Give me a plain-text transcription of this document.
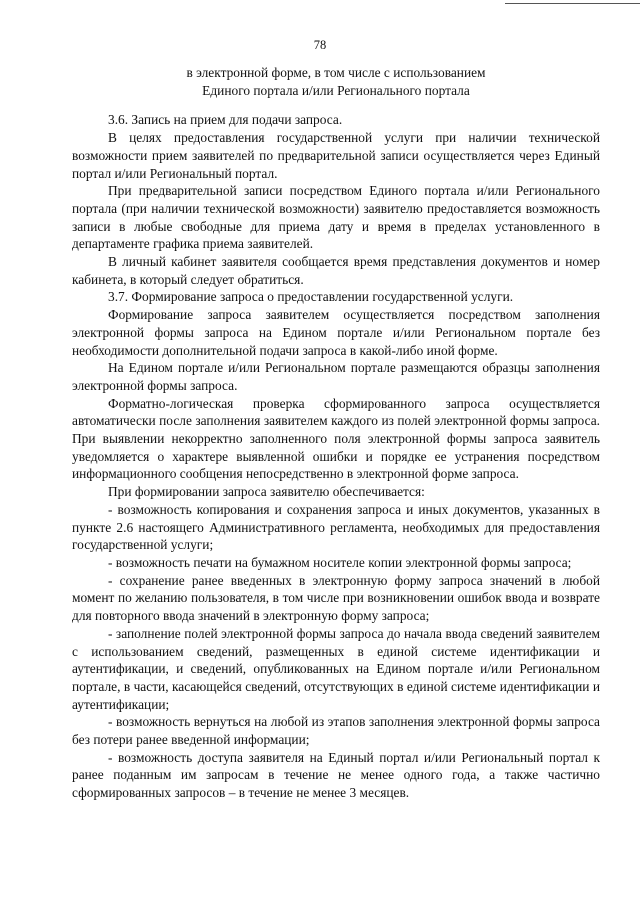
78
в электронной форме, в том числе с использованием
Единого портала и/или Регионального портала

3.6. Запись на прием для подачи запроса.

В целях предоставления государственной услуги при наличии технической возможности прием заявителей по предварительной записи осуществляется через Единый портал и/или Региональный портал.

При предварительной записи посредством Единого портала и/или Регионального портала (при наличии технической возможности) заявителю предоставляется возможность записи в любые свободные для приема дату и время в пределах установленного в департаменте графика приема заявителей.

В личный кабинет заявителя сообщается время представления документов и номер кабинета, в который следует обратиться.

3.7. Формирование запроса о предоставлении государственной услуги.

Формирование запроса заявителем осуществляется посредством заполнения электронной формы запроса на Едином портале и/или Региональном портале без необходимости дополнительной подачи запроса в какой-либо иной форме.

На Едином портале и/или Региональном портале размещаются образцы заполнения электронной формы запроса.

Форматно-логическая проверка сформированного запроса осуществляется автоматически после заполнения заявителем каждого из полей электронной формы запроса. При выявлении некорректно заполненного поля электронной формы запроса заявитель уведомляется о характере выявленной ошибки и порядке ее устранения посредством информационного сообщения непосредственно в электронной форме запроса.

При формировании запроса заявителю обеспечивается:

- возможность копирования и сохранения запроса и иных документов, указанных в пункте 2.6 настоящего Административного регламента, необходимых для предоставления государственной услуги;

- возможность печати на бумажном носителе копии электронной формы запроса;

- сохранение ранее введенных в электронную форму запроса значений в любой момент по желанию пользователя, в том числе при возникновении ошибок ввода и возврате для повторного ввода значений в электронную форму запроса;

- заполнение полей электронной формы запроса до начала ввода сведений заявителем с использованием сведений, размещенных в единой системе идентификации и аутентификации, и сведений, опубликованных на Едином портале и/или Региональном портале, в части, касающейся сведений, отсутствующих в единой системе идентификации и аутентификации;

- возможность вернуться на любой из этапов заполнения электронной формы запроса без потери ранее введенной информации;

- возможность доступа заявителя на Единый портал и/или Региональный портал к ранее поданным им запросам в течение не менее одного года, а также частично сформированных запросов – в течение не менее 3 месяцев.
